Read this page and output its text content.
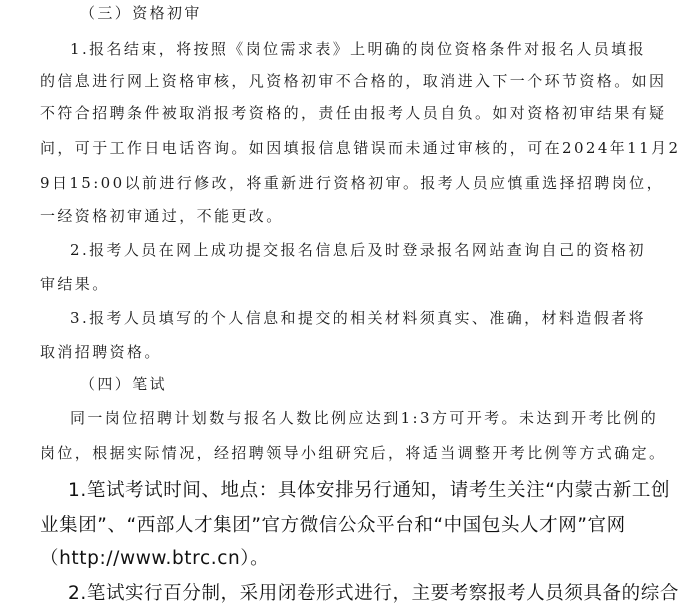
（三）资格初审
1.报名结束，将按照《岗位需求表》上明确的岗位资格条件对报名人员填报
的信息进行网上资格审核，凡资格初审不合格的，取消进入下一个环节资格。如因
不符合招聘条件被取消报考资格的，责任由报考人员自负。如对资格初审结果有疑
问，可于工作日电话咨询。如因填报信息错误而未通过审核的，可在2024年11月2
9日15:00以前进行修改，将重新进行资格初审。报考人员应慎重选择招聘岗位，
一经资格初审通过，不能更改。
2.报考人员在网上成功提交报名信息后及时登录报名网站查询自己的资格初
审结果。
3.报考人员填写的个人信息和提交的相关材料须真实、准确，材料造假者将
取消招聘资格。
（四）笔试
同一岗位招聘计划数与报名人数比例应达到1:3方可开考。未达到开考比例的
岗位，根据实际情况，经招聘领导小组研究后，将适当调整开考比例等方式确定。
1.笔试考试时间、地点：具体安排另行通知，请考生关注“内蒙古新工创
业集团”、“西部人才集团”官方微信公众平台和“中国包头人才网”官网
（http://www.btrc.cn）。
2.笔试实行百分制，采用闭卷形式进行，主要考察报考人员须具备的综合
